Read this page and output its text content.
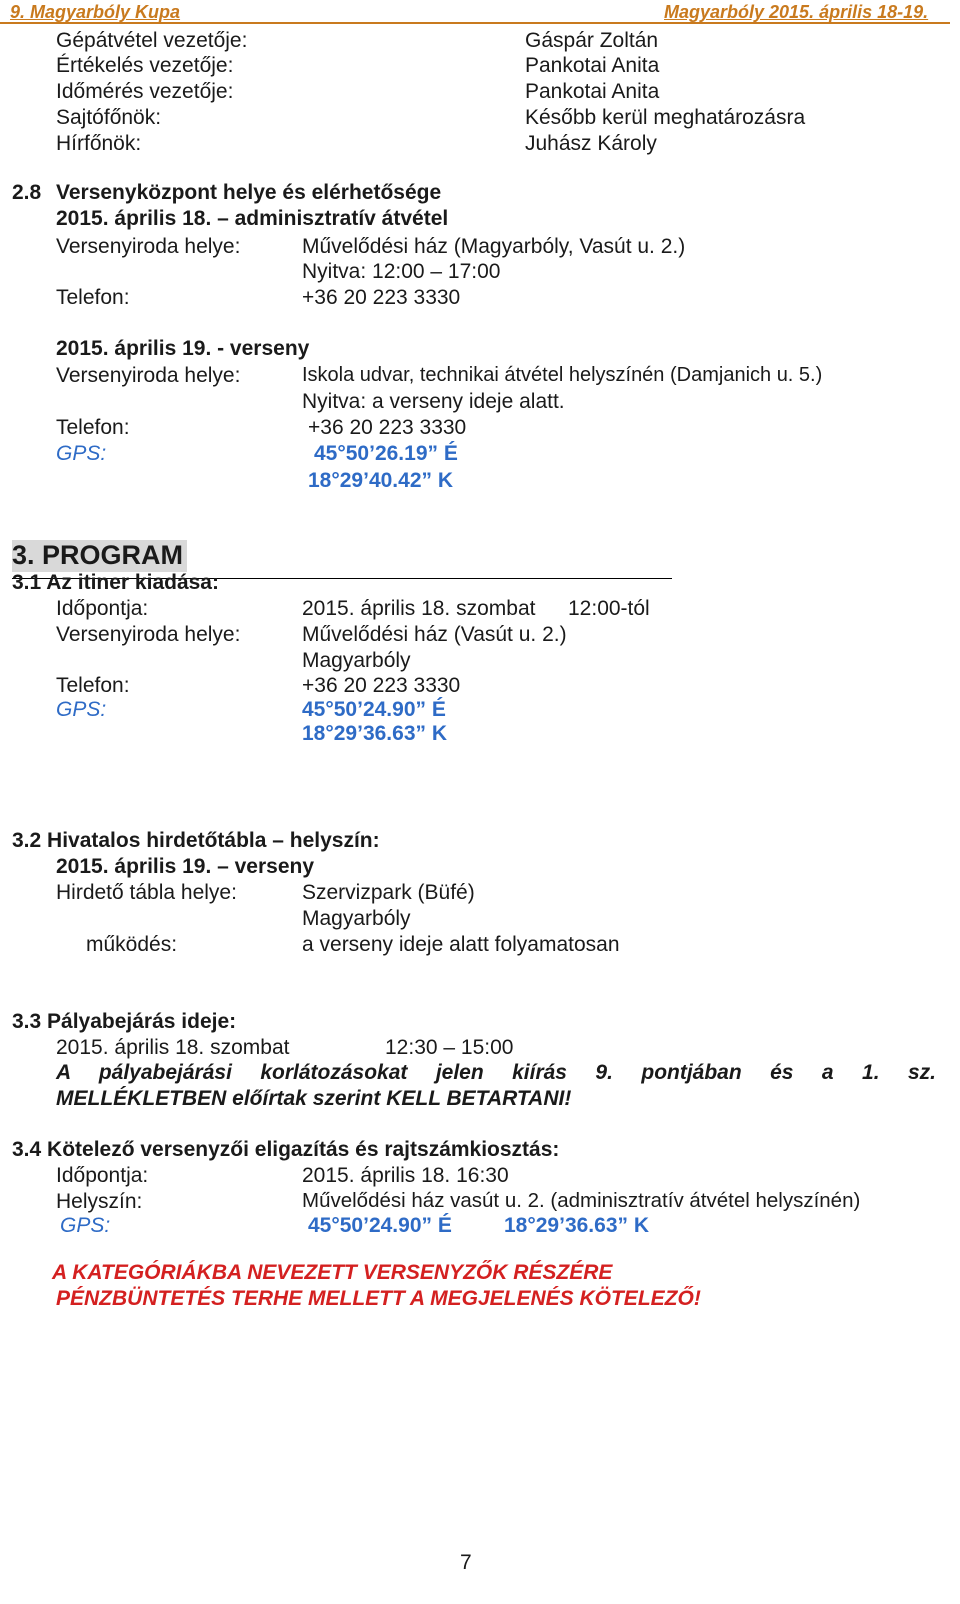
9. Magyarbóly Kupa	Magyarbóly 2015. április 18-19.
Gépátvétel vezetője:	Gáspár Zoltán
Értékelés vezetője:	Pankotai Anita
Időmérés vezetője:	Pankotai Anita
Sajtófőnök:	Később kerül meghatározásra
Hírfőnök:	Juhász Károly
2.8 Versenyközpont helye és elérhetősége
2015. április 18. – adminisztratív átvétel
Versenyiroda helye:	Művelődési ház (Magyarbóly, Vasút u. 2.)
Nyitva: 12:00 – 17:00
Telefon:	+36 20 223 3330
2015. április 19. - verseny
Versenyiroda helye:	Iskola udvar, technikai átvétel helyszínén (Damjanich u. 5.)
Nyitva: a verseny ideje alatt.
Telefon:	+36 20 223 3330
GPS:	45°50’26.19” É
18°29’40.42” K
3. PROGRAM
3.1 Az itiner kiadása:
Időpontja:	2015. április 18. szombat 12:00-tól
Versenyiroda helye:	Művelődési ház (Vasút u. 2.)
Magyarbóly
Telefon:	+36 20 223 3330
GPS:	45°50’24.90” É
18°29’36.63” K
3.2 Hivatalos hirdetőtábla – helyszín:
2015. április 19. – verseny
Hirdető tábla helye:	Szervizpark (Büfé)
Magyarbóly
működés:	a verseny ideje alatt folyamatosan
3.3 Pályabejárás ideje:
2015. április 18. szombat	12:30 – 15:00
A pályabejárási korlátozásokat jelen kiírás 9. pontjában és a 1. sz.
MELLÉKLETBEN előírtak szerint KELL BETARTANI!
3.4 Kötelező versenyzői eligazítás és rajtszámkiosztás:
Időpontja:	2015. április 18. 16:30
Helyszín:	Művelődési ház vasút u. 2. (adminisztratív átvétel helyszínén)
GPS:	45°50’24.90” É 18°29’36.63” K
A KATEGÓRIÁKBA NEVEZETT VERSENYZŐK RÉSZÉRE
PÉNZBÜNTETÉS TERHE MELLETT A MEGJELENÉS KÖTELEZŐ!
7
